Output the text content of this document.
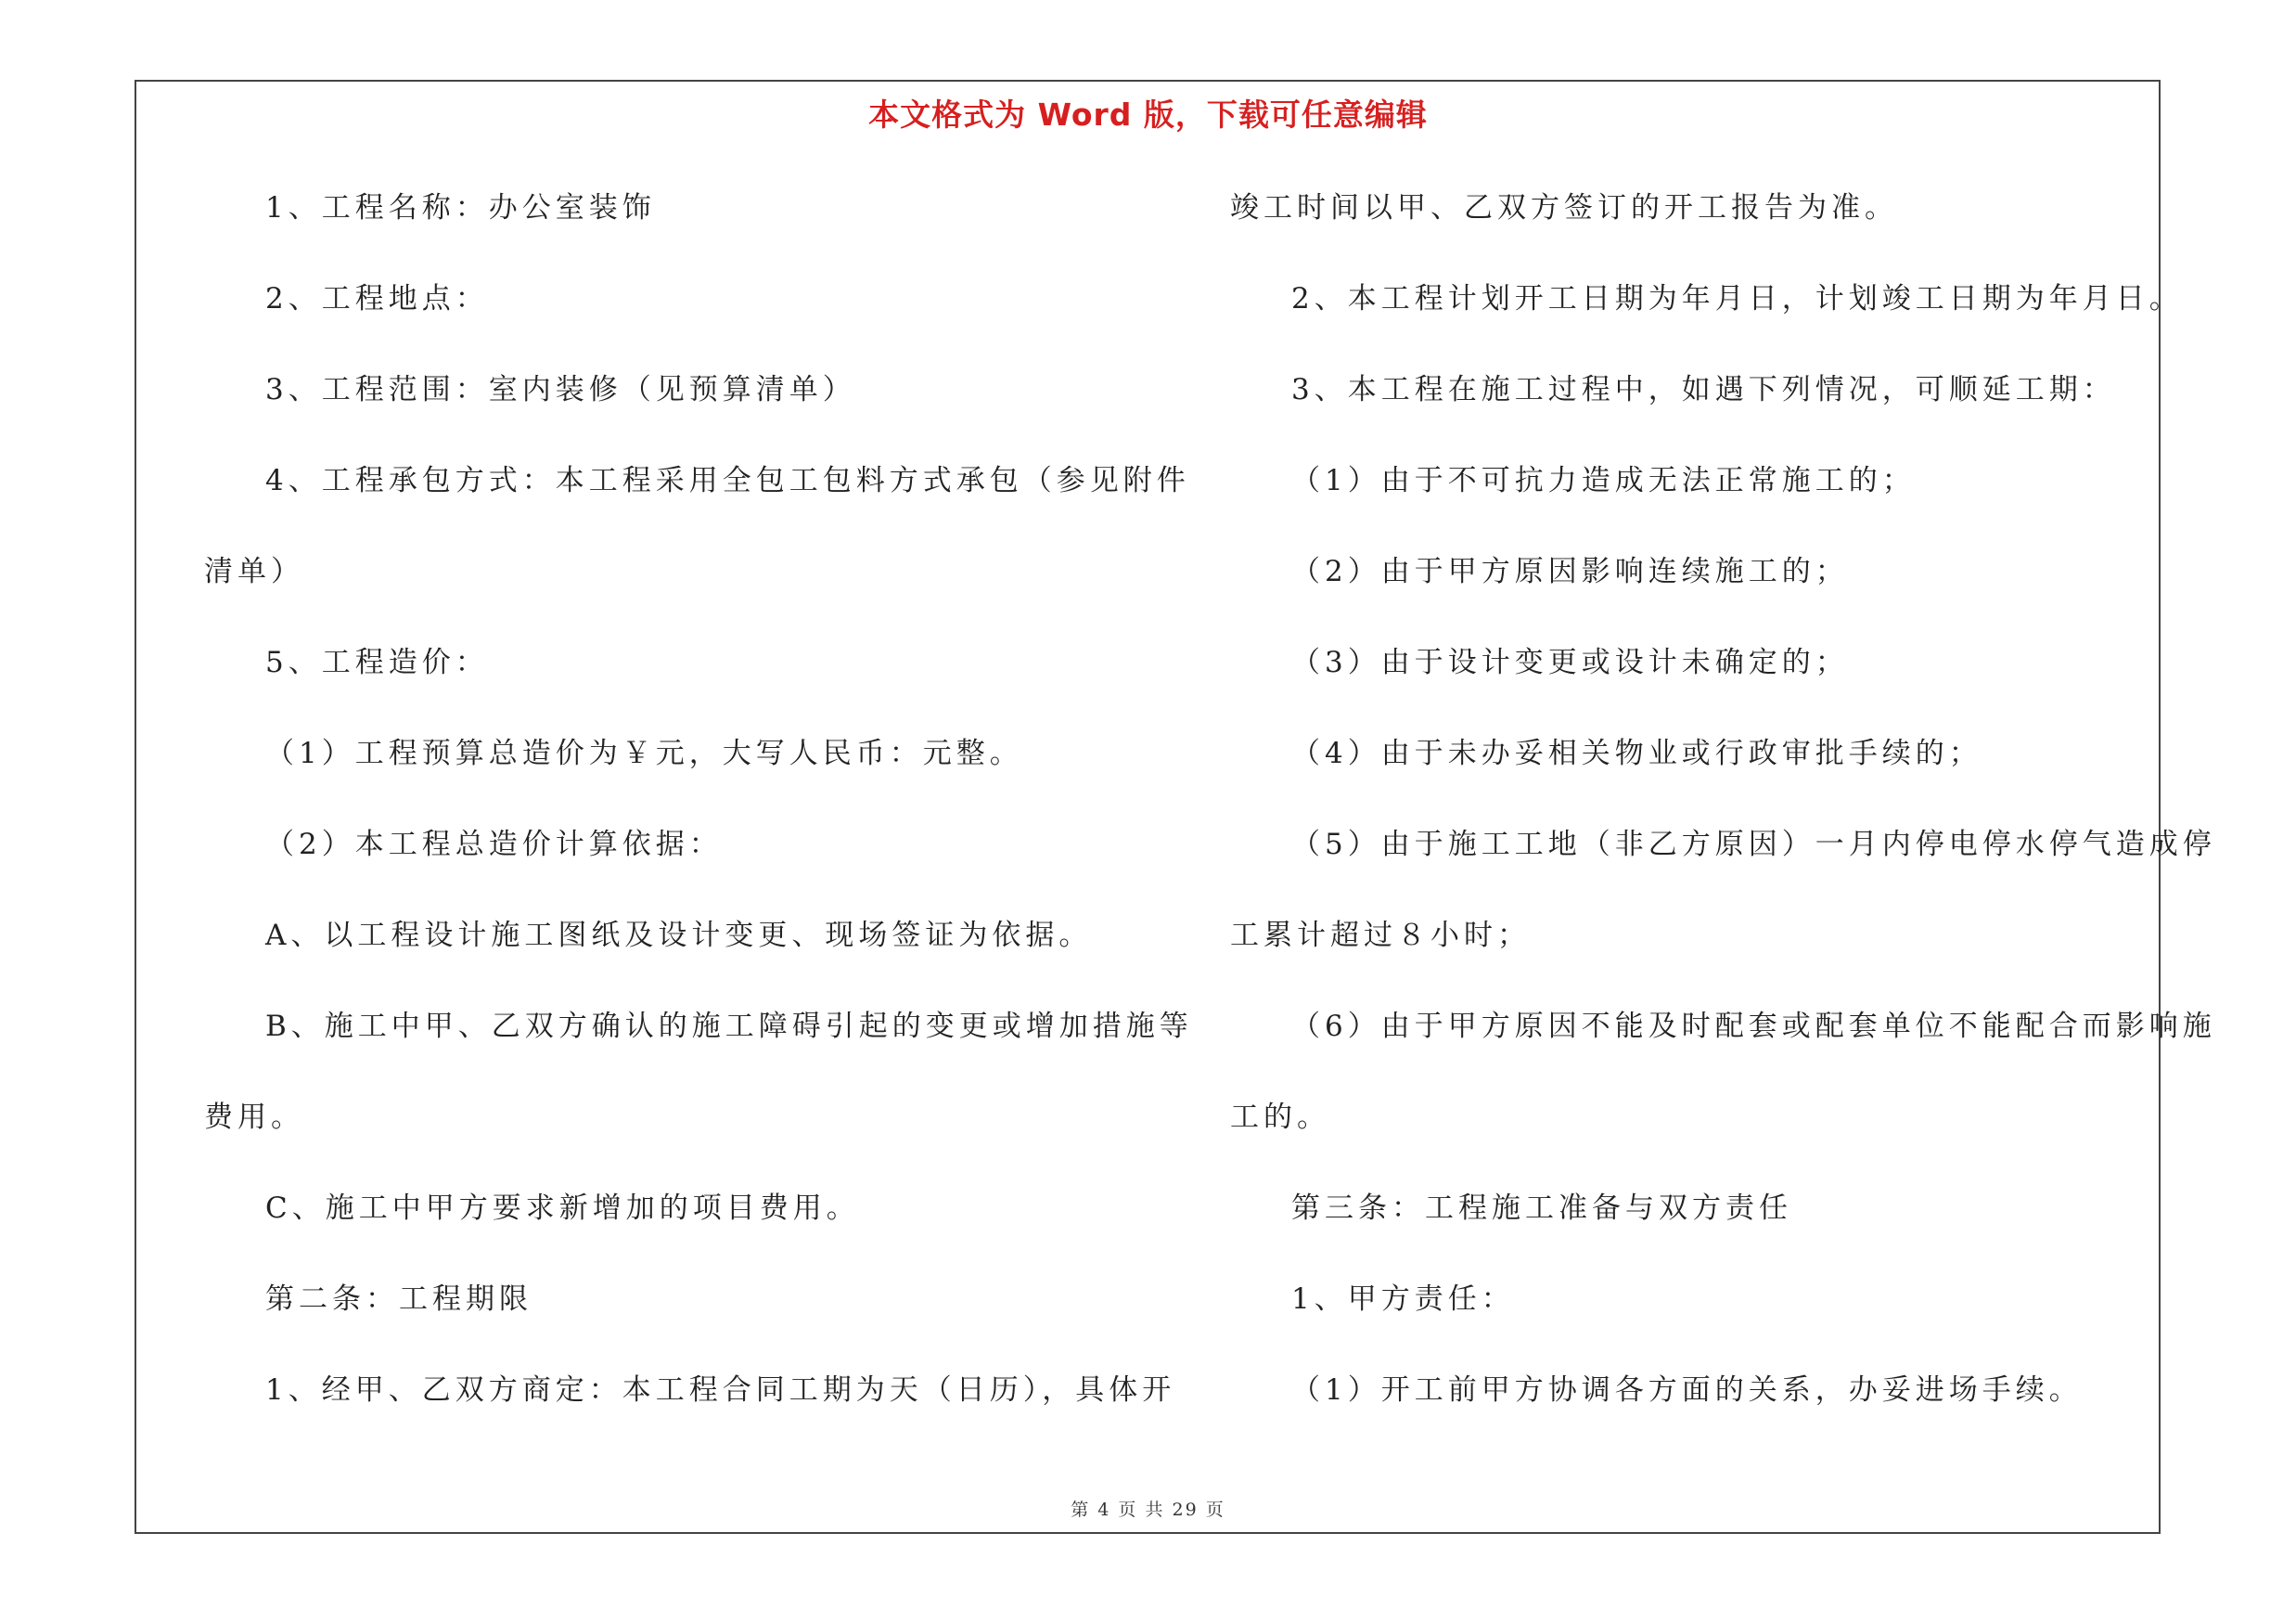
本文格式为 Word 版，下载可任意编辑
1、工程名称：办公室装饰
2、工程地点：
3、工程范围：室内装修（见预算清单）
4、工程承包方式：本工程采用全包工包料方式承包（参见附件
清单）
5、工程造价：
（1）工程预算总造价为￥元，大写人民币：元整。
（2）本工程总造价计算依据：
A、以工程设计施工图纸及设计变更、现场签证为依据。
B、施工中甲、乙双方确认的施工障碍引起的变更或增加措施等
费用。
C、施工中甲方要求新增加的项目费用。
第二条：工程期限
1、经甲、乙双方商定：本工程合同工期为天（日历），具体开
竣工时间以甲、乙双方签订的开工报告为准。
2、本工程计划开工日期为年月日，计划竣工日期为年月日。
3、本工程在施工过程中，如遇下列情况，可顺延工期：
（1）由于不可抗力造成无法正常施工的；
（2）由于甲方原因影响连续施工的；
（3）由于设计变更或设计未确定的；
（4）由于未办妥相关物业或行政审批手续的；
（5）由于施工工地（非乙方原因）一月内停电停水停气造成停
工累计超过８小时；
（6）由于甲方原因不能及时配套或配套单位不能配合而影响施
工的。
第三条：工程施工准备与双方责任
1、甲方责任：
（1）开工前甲方协调各方面的关系，办妥进场手续。
第 4 页 共 29 页
